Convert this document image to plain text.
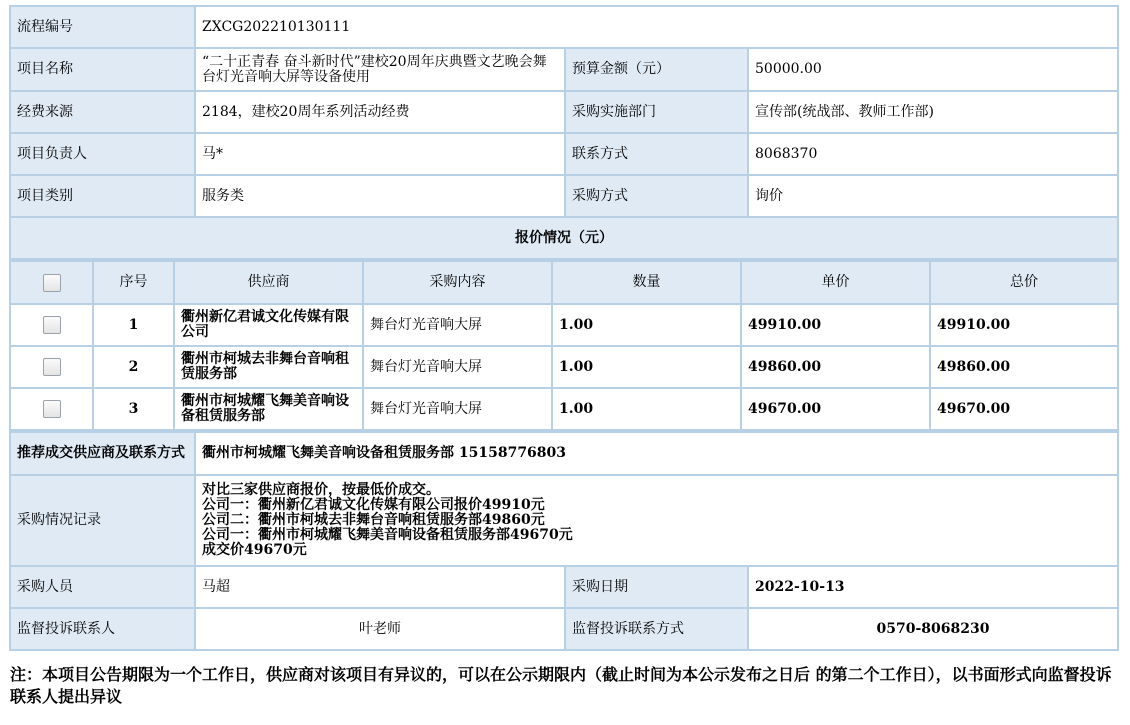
流程编号	ZXCG202210130111		
项目名称	“二十正青春 奋斗新时代”建校20周年庆典暨文艺晚会舞台灯光音响大屏等设备使用	预算金额（元）	50000.00
经费来源	2184，建校20周年系列活动经费	采购实施部门	宣传部(统战部、教师工作部)
项目负责人	马*	联系方式	8068370
项目类别	服务类	采购方式	询价
报价情况（元）			
	序号	供应商	采购内容	数量	单价	总价
	1	衢州新亿君诚文化传媒有限公司	舞台灯光音响大屏	1.00	49910.00	49910.00
	2	衢州市柯城去非舞台音响租赁服务部	舞台灯光音响大屏	1.00	49860.00	49860.00
	3	衢州市柯城耀飞舞美音响设备租赁服务部	舞台灯光音响大屏	1.00	49670.00	49670.00
推荐成交供应商及联系方式	衢州市柯城耀飞舞美音响设备租赁服务部 15158776803		
采购情况记录	对比三家供应商报价，按最低价成交。
公司一：衢州新亿君诚文化传媒有限公司报价49910元
公司二：衢州市柯城去非舞台音响租赁服务部49860元
公司一：衢州市柯城耀飞舞美音响设备租赁服务部49670元
成交价49670元		

采购人员	马超	采购日期	2022-10-13
监督投诉联系人	叶老师	监督投诉联系方式	0570-8068230
注：本项目公告期限为一个工作日，供应商对该项目有异议的，可以在公示期限内（截止时间为本公示发布之日后 的第二个工作日），以书面形式向监督投诉联系人提出异议
